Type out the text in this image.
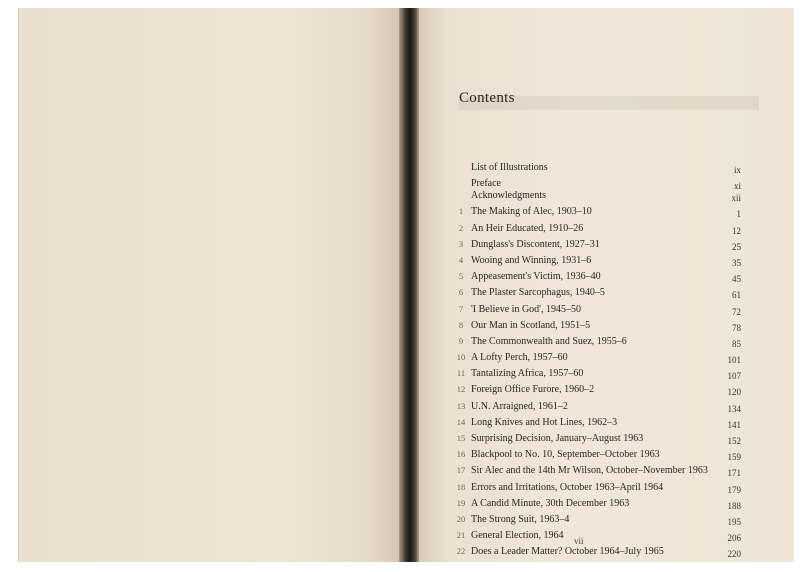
Contents
List of Illustrations	ix
Preface	xi
Acknowledgments	xii
1 The Making of Alec, 1903–10	1
2 An Heir Educated, 1910–26	12
3 Dunglass's Discontent, 1927–31	25
4 Wooing and Winning, 1931–6	35
5 Appeasement's Victim, 1936–40	45
6 The Plaster Sarcophagus, 1940–5	61
7 'I Believe in God', 1945–50	72
8 Our Man in Scotland, 1951–5	78
9 The Commonwealth and Suez, 1955–6	85
10 A Lofty Perch, 1957–60	101
11 Tantalizing Africa, 1957–60	107
12 Foreign Office Furore, 1960–2	120
13 U.N. Arraigned, 1961–2	134
14 Long Knives and Hot Lines, 1962–3	141
15 Surprising Decision, January–August 1963	152
16 Blackpool to No. 10, September–October 1963	159
17 Sir Alec and the 14th Mr Wilson, October–November 1963 171
18 Errors and Irritations, October 1963–April 1964	179
19 A Candid Minute, 30th December 1963	188
20 The Strong Suit, 1963–4	195
21 General Election, 1964	206
22 Does a Leader Matter? October 1964–July 1965	220
vii
